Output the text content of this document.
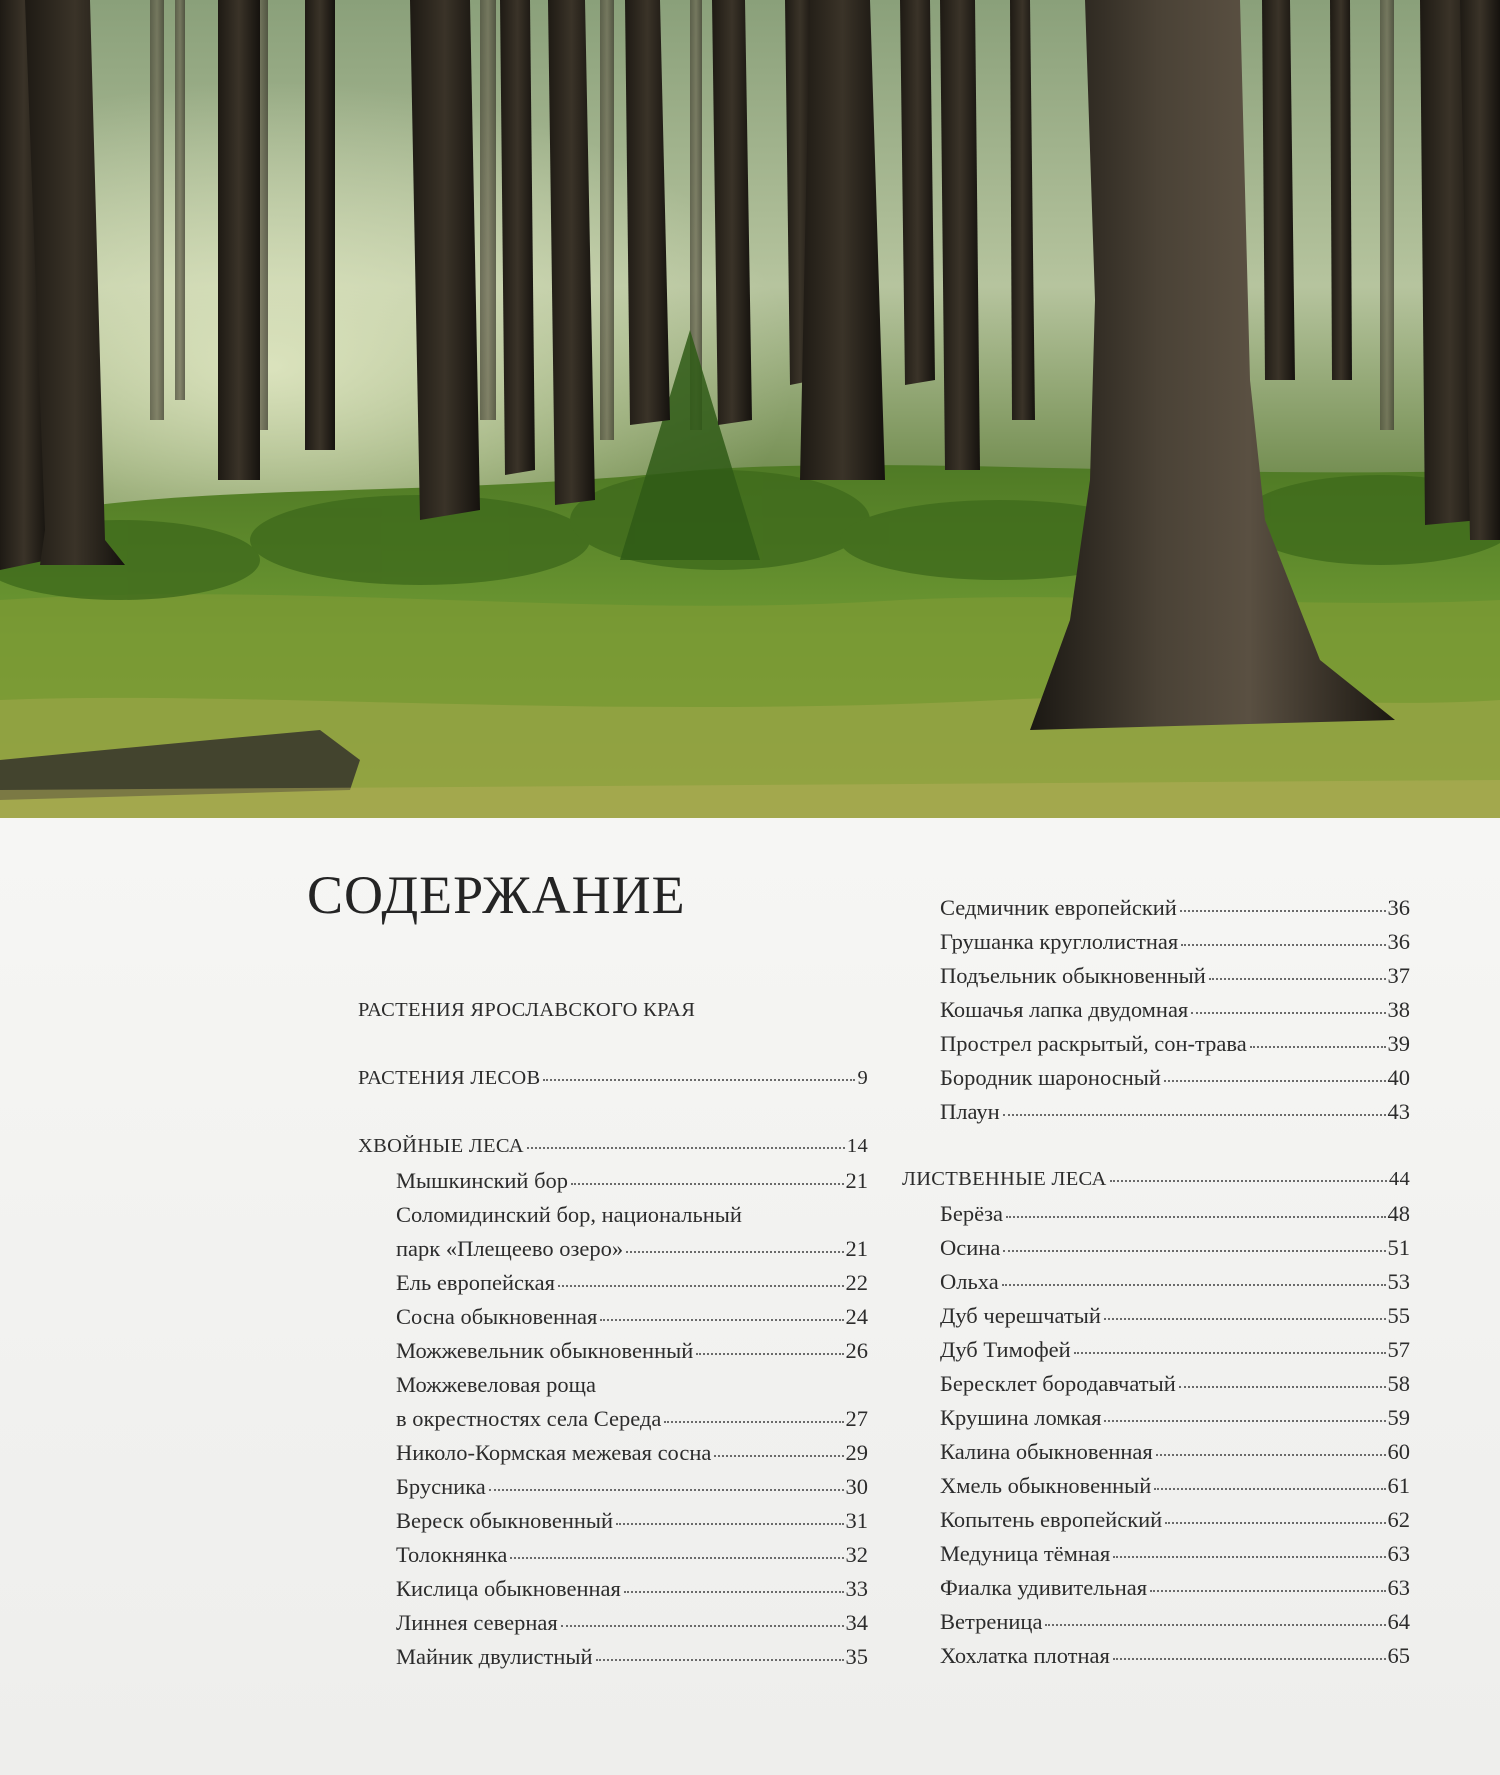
СОДЕРЖАНИЕ
РАСТЕНИЯ ЯРОСЛАВСКОГО КРАЯ
РАСТЕНИЯ ЛЕСОВ	9
ХВОЙНЫЕ ЛЕСА	14
Мышкинский бор	21
Соломидинский бор, национальный
парк «Плещеево озеро»	21
Ель европейская	22
Сосна обыкновенная	24
Можжевельник обыкновенный	26
Можжевеловая роща
в окрестностях села Середа	27
Николо-Кормская межевая сосна	29
Брусника	30
Вереск обыкновенный	31
Толокнянка	32
Кислица обыкновенная	33
Линнея северная	34
Майник двулистный	35
Седмичник европейский	36
Грушанка круглолистная	36
Подъельник обыкновенный	37
Кошачья лапка двудомная	38
Прострел раскрытый, сон-трава	39
Бородник шароносный	40
Плаун	43
ЛИСТВЕННЫЕ ЛЕСА	44
Берёза	48
Осина	51
Ольха	53
Дуб черешчатый	55
Дуб Тимофей	57
Бересклет бородавчатый	58
Крушина ломкая	59
Калина обыкновенная	60
Хмель обыкновенный	61
Копытень европейский	62
Медуница тёмная	63
Фиалка удивительная	63
Ветреница	64
Хохлатка плотная	65
